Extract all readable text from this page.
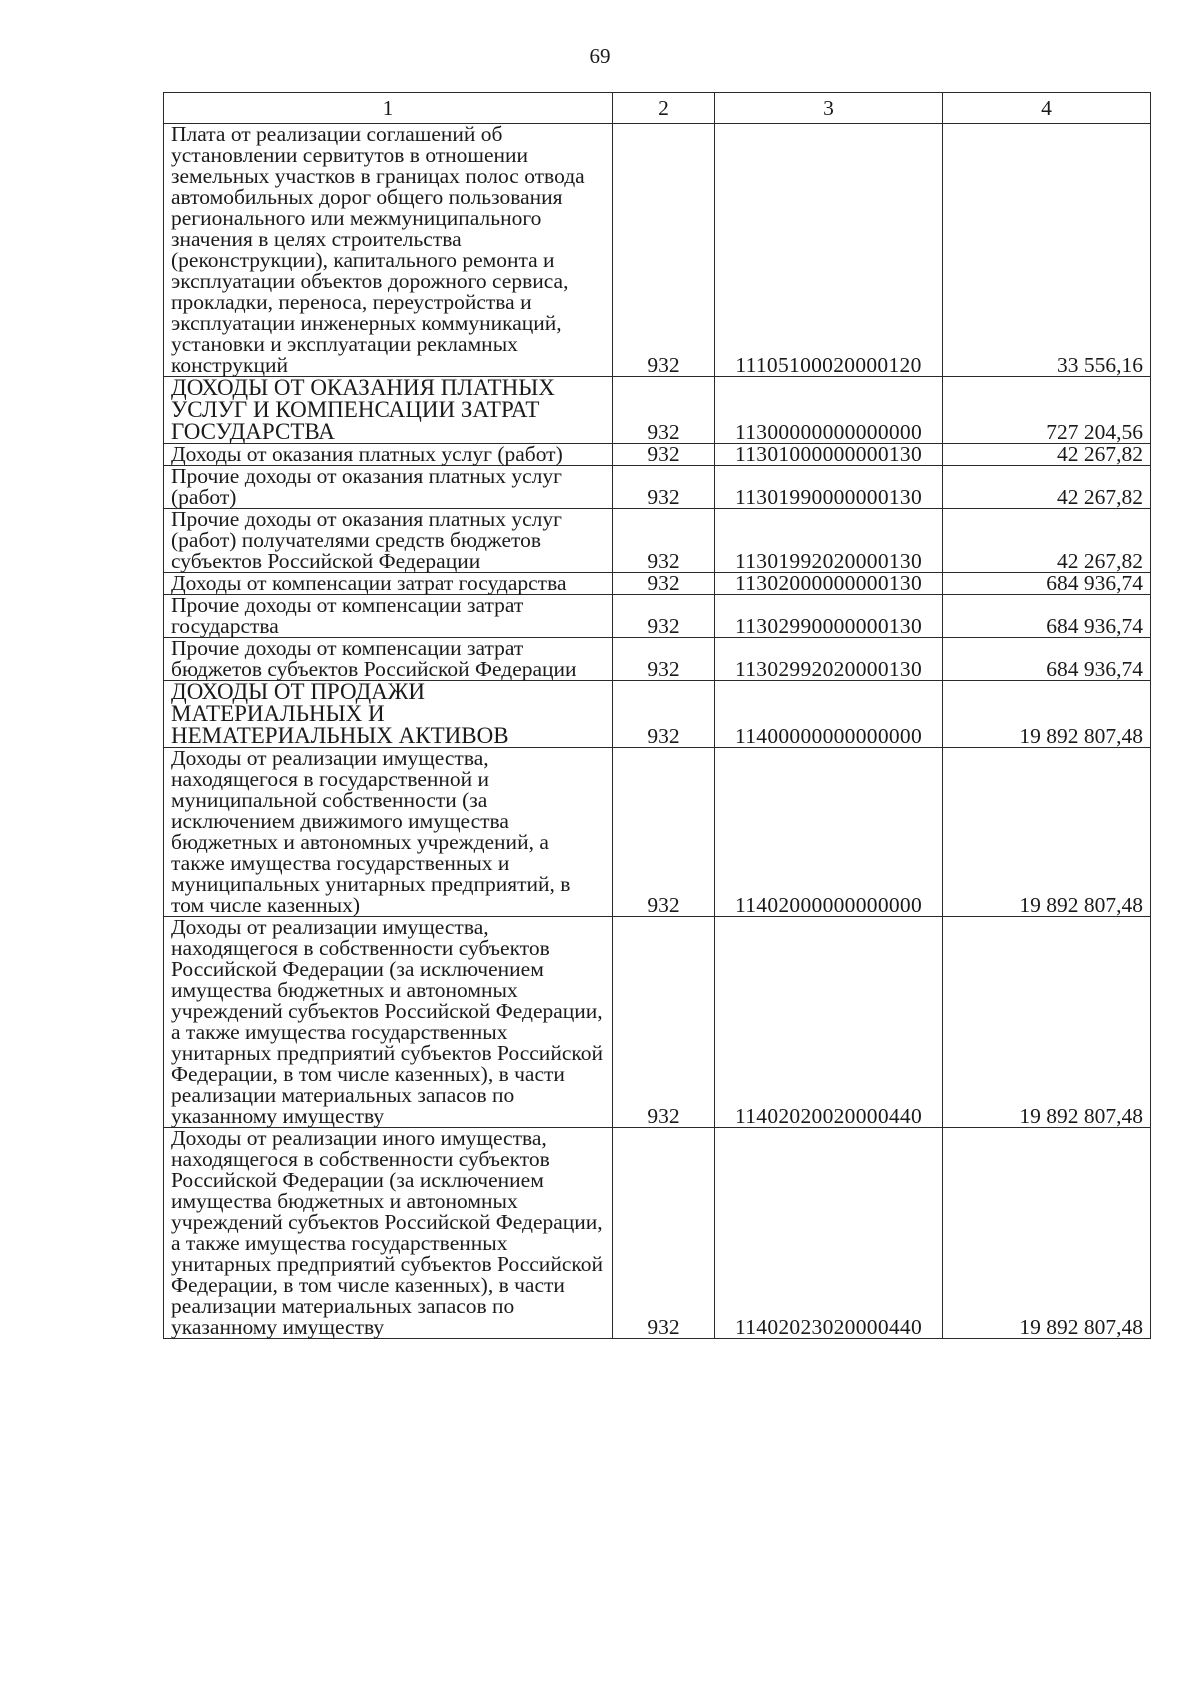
69
1	2	3	4
Плата от реализации соглашений об установлении сервитутов в отношении земельных участков в границах полос отвода автомобильных дорог общего пользования регионального или межмуниципального значения в целях строительства (реконструкции), капитального ремонта и эксплуатации объектов дорожного сервиса, прокладки, переноса, переустройства и эксплуатации инженерных коммуникаций, установки и эксплуатации рекламных конструкций	932	11105100020000120	33 556,16
ДОХОДЫ ОТ ОКАЗАНИЯ ПЛАТНЫХ УСЛУГ И КОМПЕНСАЦИИ ЗАТРАТ ГОСУДАРСТВА	932	11300000000000000	727 204,56
Доходы от оказания платных услуг (работ)	932	11301000000000130	42 267,82
Прочие доходы от оказания платных услуг (работ)	932	11301990000000130	42 267,82
Прочие доходы от оказания платных услуг (работ) получателями средств бюджетов субъектов Российской Федерации	932	11301992020000130	42 267,82
Доходы от компенсации затрат государства	932	11302000000000130	684 936,74
Прочие доходы от компенсации затрат государства	932	11302990000000130	684 936,74
Прочие доходы от компенсации затрат бюджетов субъектов Российской Федерации	932	11302992020000130	684 936,74
ДОХОДЫ ОТ ПРОДАЖИ МАТЕРИАЛЬНЫХ И НЕМАТЕРИАЛЬНЫХ АКТИВОВ	932	11400000000000000	19 892 807,48
Доходы от реализации имущества, находящегося в государственной и муниципальной собственности (за исключением движимого имущества бюджетных и автономных учреждений, а также имущества государственных и муниципальных унитарных предприятий, в том числе казенных)	932	11402000000000000	19 892 807,48
Доходы от реализации имущества, находящегося в собственности субъектов Российской Федерации (за исключением имущества бюджетных и автономных учреждений субъектов Российской Федерации, а также имущества государственных унитарных предприятий субъектов Российской Федерации, в том числе казенных), в части реализации материальных запасов по указанному имуществу	932	11402020020000440	19 892 807,48
Доходы от реализации иного имущества, находящегося в собственности субъектов Российской Федерации (за исключением имущества бюджетных и автономных учреждений субъектов Российской Федерации, а также имущества государственных унитарных предприятий субъектов Российской Федерации, в том числе казенных), в части реализации материальных запасов по указанному имуществу	932	11402023020000440	19 892 807,48
